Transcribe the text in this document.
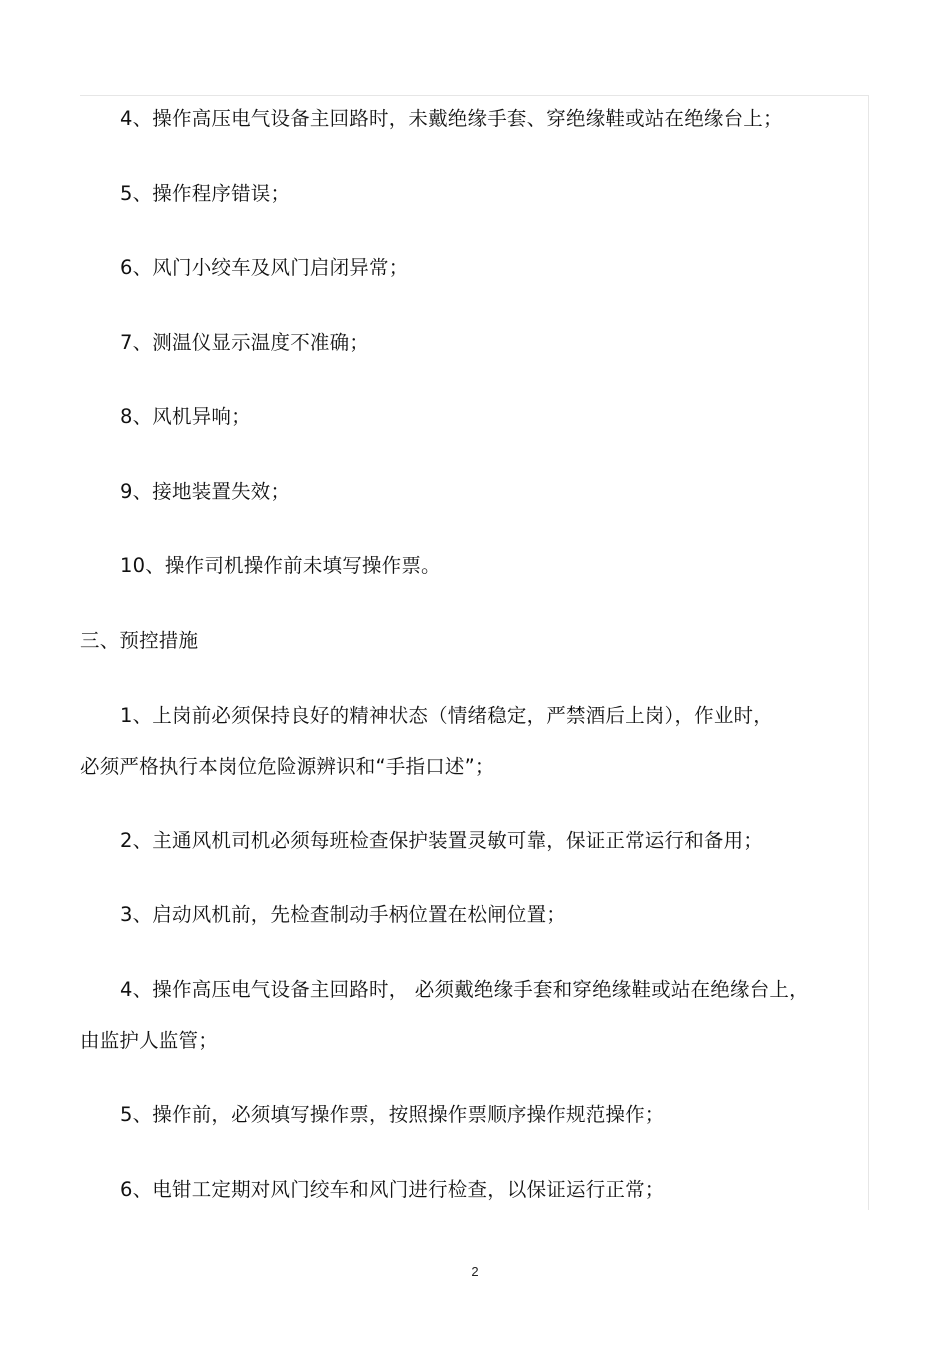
4、操作高压电气设备主回路时，未戴绝缘手套、穿绝缘鞋或站在绝缘台上；
5、操作程序错误；
6、风门小绞车及风门启闭异常；
7、测温仪显示温度不准确；
8、风机异响；
9、接地装置失效；
10、操作司机操作前未填写操作票。
三、预控措施
1、上岗前必须保持良好的精神状态（情绪稳定，严禁酒后上岗），作业时，
必须严格执行本岗位危险源辨识和“手指口述”；
2、主通风机司机必须每班检查保护装置灵敏可靠，保证正常运行和备用；
3、启动风机前，先检查制动手柄位置在松闸位置；
4、操作高压电气设备主回路时， 必须戴绝缘手套和穿绝缘鞋或站在绝缘台上，
由监护人监管；
5、操作前，必须填写操作票，按照操作票顺序操作规范操作；
6、电钳工定期对风门绞车和风门进行检查，以保证运行正常；
2
